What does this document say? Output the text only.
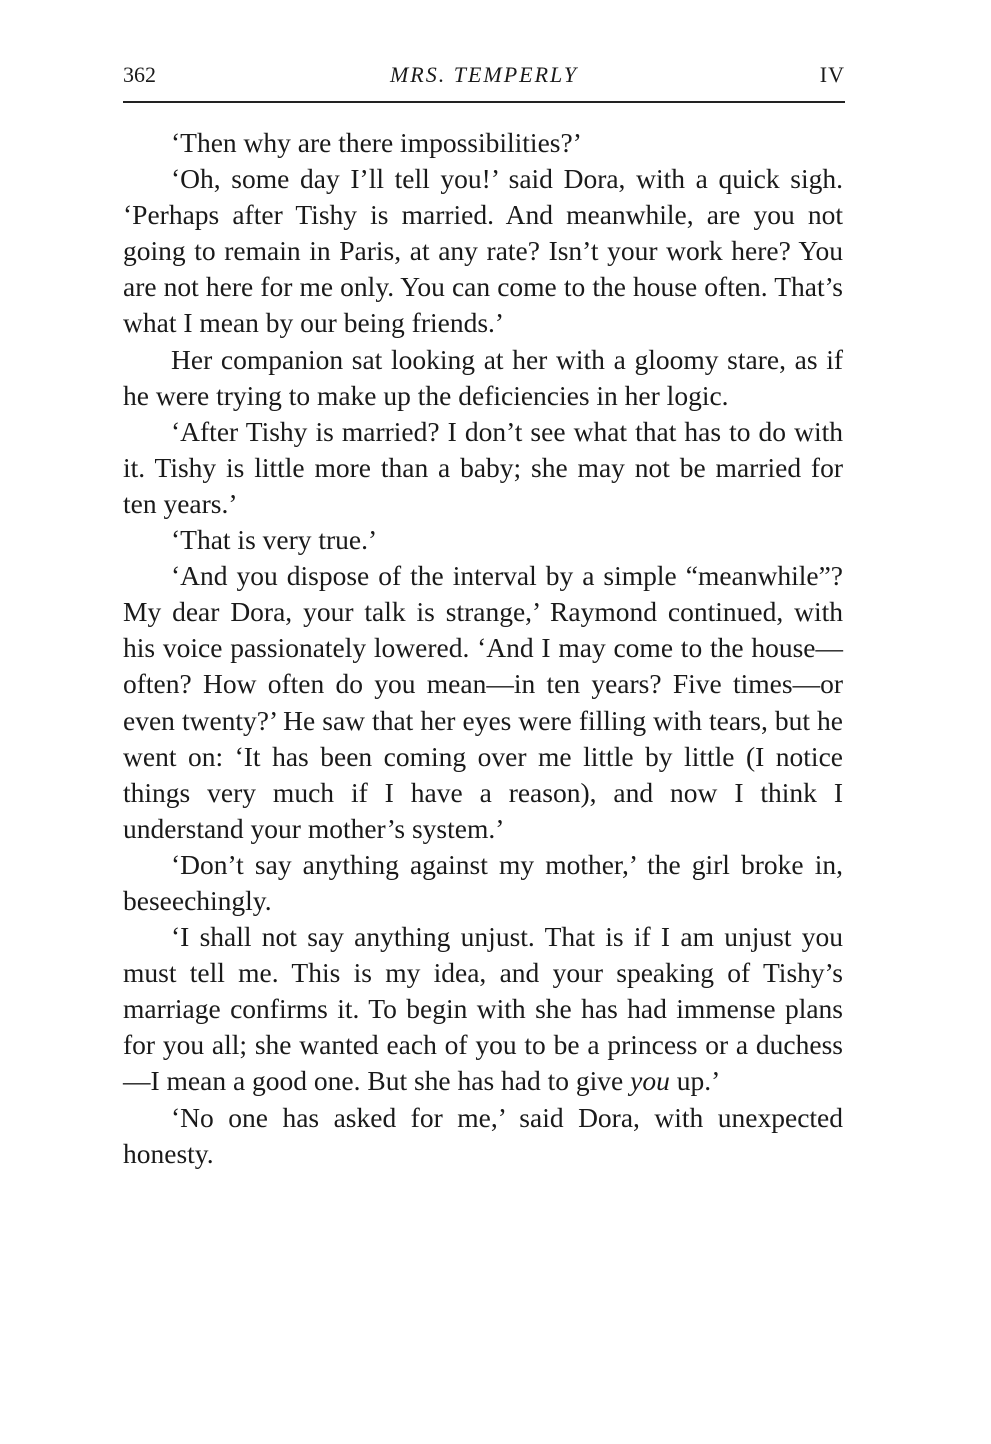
362	MRS. TEMPERLY	IV

‘Then why are there impossibilities?’

‘Oh, some day I’ll tell you!’ said Dora, with a quick sigh. ‘Perhaps after Tishy is married. And meanwhile, are you not going to remain in Paris, at any rate? Isn’t your work here? You are not here for me only. You can come to the house often. That’s what I mean by our being friends.’

Her companion sat looking at her with a gloomy stare, as if he were trying to make up the deficiencies in her logic.

‘After Tishy is married? I don’t see what that has to do with it. Tishy is little more than a baby; she may not be married for ten years.’

‘That is very true.’

‘And you dispose of the interval by a simple “meanwhile”? My dear Dora, your talk is strange,’ Raymond continued, with his voice passionately lowered. ‘And I may come to the house—often? How often do you mean—in ten years? Five times—or even twenty?’ He saw that her eyes were filling with tears, but he went on: ‘It has been coming over me little by little (I notice things very much if I have a reason), and now I think I understand your mother’s system.’

‘Don’t say anything against my mother,’ the girl broke in, beseechingly.

‘I shall not say anything unjust. That is if I am unjust you must tell me. This is my idea, and your speaking of Tishy’s marriage confirms it. To begin with she has had immense plans for you all; she wanted each of you to be a princess or a duchess—I mean a good one. But she has had to give you up.’

‘No one has asked for me,’ said Dora, with unexpected honesty.
